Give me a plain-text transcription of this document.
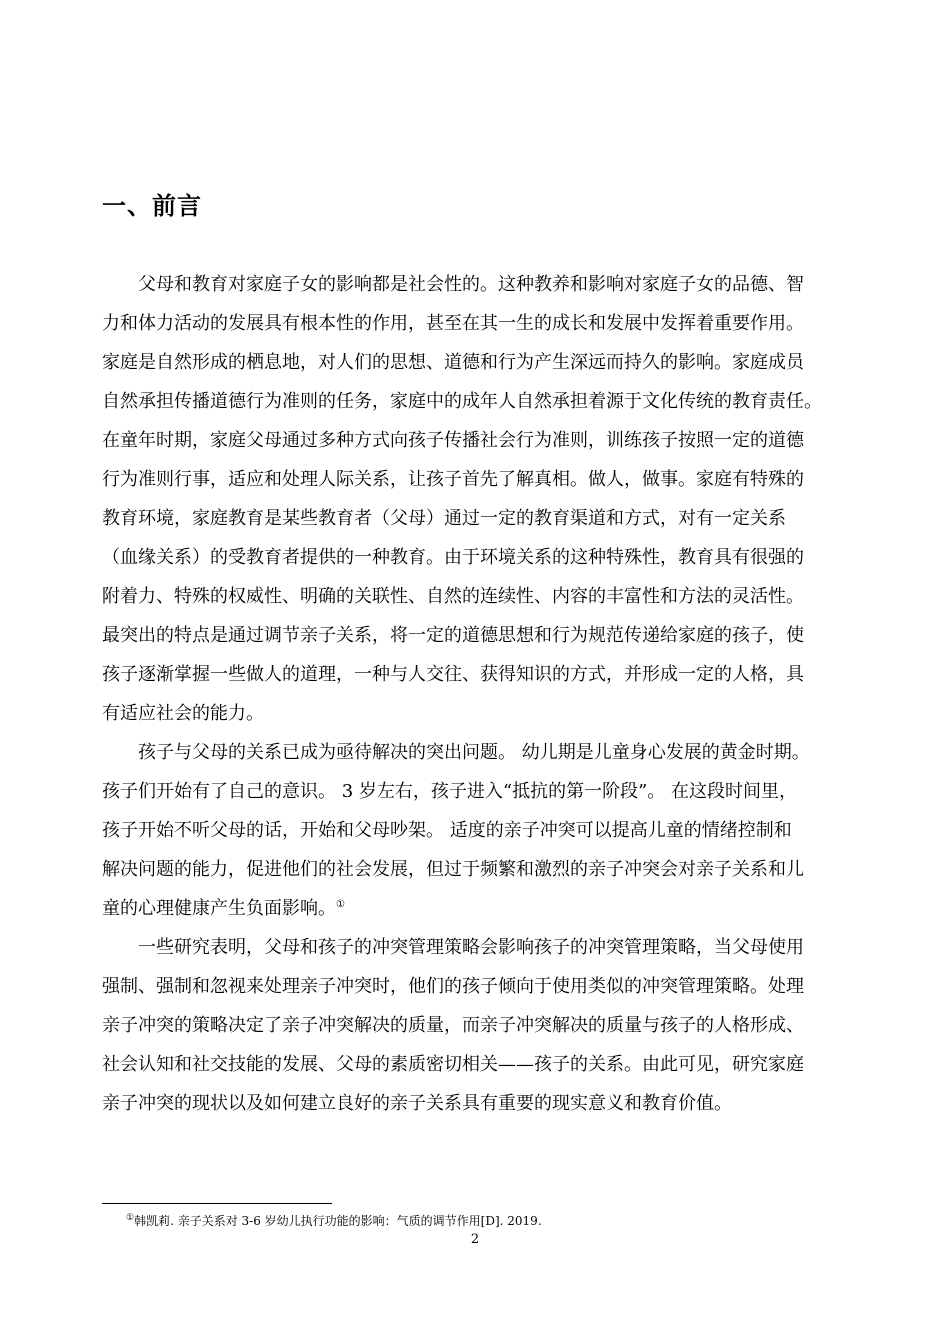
一、前言

　　父母和教育对家庭子女的影响都是社会性的。这种教养和影响对家庭子女的品德、智

力和体力活动的发展具有根本性的作用，甚至在其一生的成长和发展中发挥着重要作用。

家庭是自然形成的栖息地，对人们的思想、道德和行为产生深远而持久的影响。家庭成员

自然承担传播道德行为准则的任务，家庭中的成年人自然承担着源于文化传统的教育责任。

在童年时期，家庭父母通过多种方式向孩子传播社会行为准则，训练孩子按照一定的道德

行为准则行事，适应和处理人际关系，让孩子首先了解真相。做人，做事。家庭有特殊的

教育环境，家庭教育是某些教育者（父母）通过一定的教育渠道和方式，对有一定关系

（血缘关系）的受教育者提供的一种教育。由于环境关系的这种特殊性，教育具有很强的

附着力、特殊的权威性、明确的关联性、自然的连续性、内容的丰富性和方法的灵活性。

最突出的特点是通过调节亲子关系，将一定的道德思想和行为规范传递给家庭的孩子，使

孩子逐渐掌握一些做人的道理，一种与人交往、获得知识的方式，并形成一定的人格，具

有适应社会的能力。

　　孩子与父母的关系已成为亟待解决的突出问题。 幼儿期是儿童身心发展的黄金时期。

孩子们开始有了自己的意识。 3 岁左右，孩子进入“抵抗的第一阶段”。 在这段时间里，

孩子开始不听父母的话，开始和父母吵架。 适度的亲子冲突可以提高儿童的情绪控制和

解决问题的能力，促进他们的社会发展，但过于频繁和激烈的亲子冲突会对亲子关系和儿

童的心理健康产生负面影响。①

　　一些研究表明，父母和孩子的冲突管理策略会影响孩子的冲突管理策略，当父母使用

强制、强制和忽视来处理亲子冲突时，他们的孩子倾向于使用类似的冲突管理策略。处理

亲子冲突的策略决定了亲子冲突解决的质量，而亲子冲突解决的质量与孩子的人格形成、

社会认知和社交技能的发展、父母的素质密切相关——孩子的关系。由此可见，研究家庭

亲子冲突的现状以及如何建立良好的亲子关系具有重要的现实意义和教育价值。

①韩凯莉. 亲子关系对 3-6 岁幼儿执行功能的影响：气质的调节作用[D]. 2019.
2
